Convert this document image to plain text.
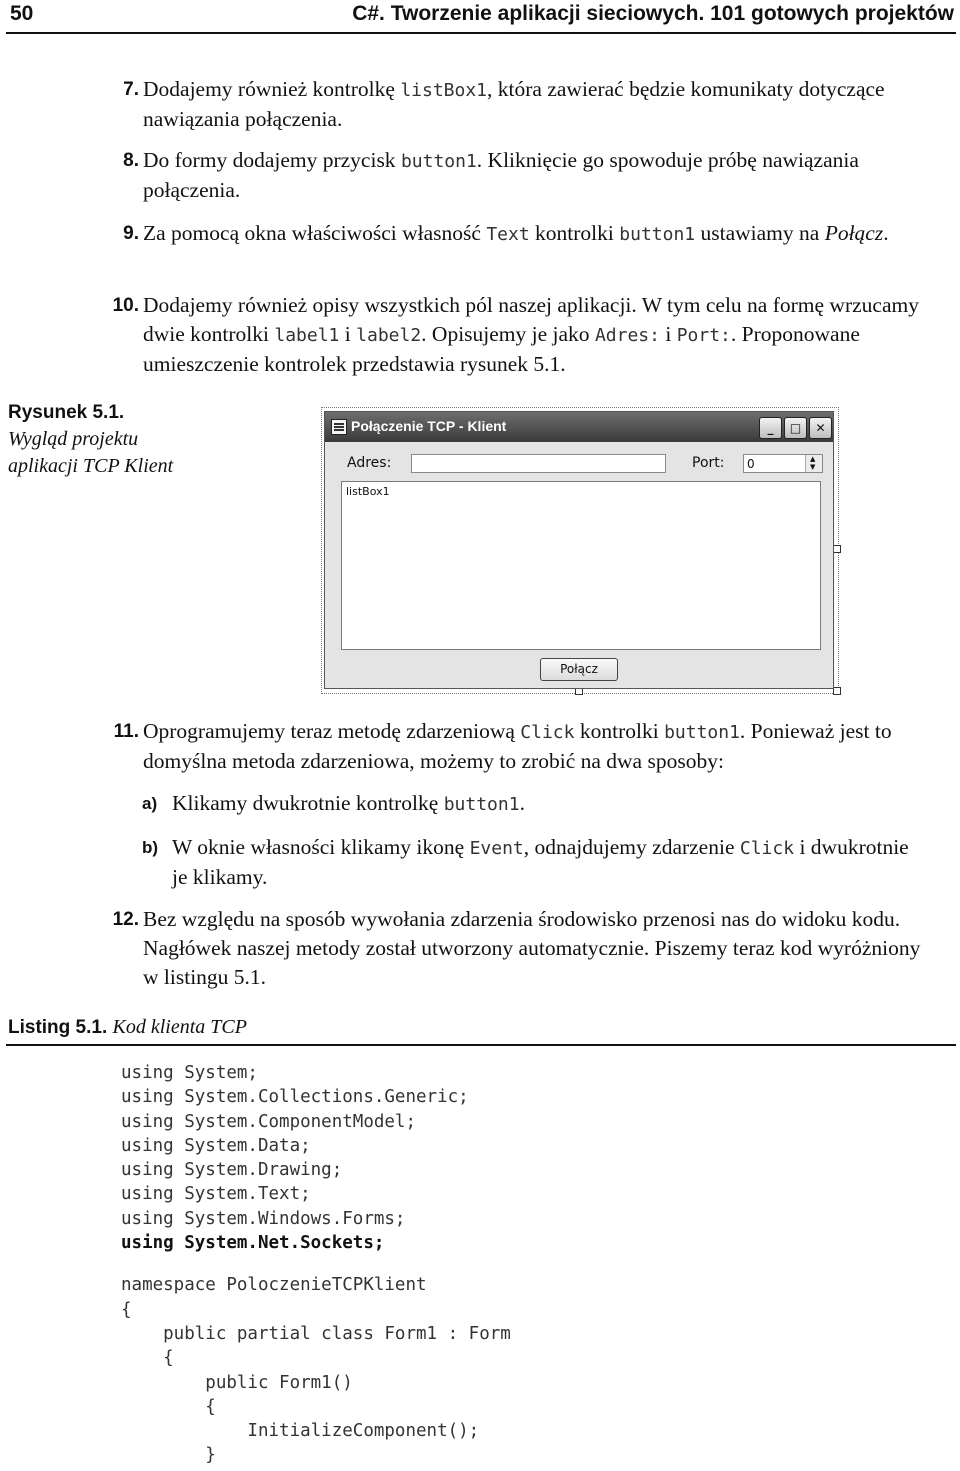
50	C#. Tworzenie aplikacji sieciowych. 101 gotowych projektów
7. Dodajemy również kontrolkę listBox1, która zawierać będzie komunikaty dotyczące nawiązania połączenia.
8. Do formy dodajemy przycisk button1. Kliknięcie go spowoduje próbę nawiązania połączenia.
9. Za pomocą okna właściwości własność Text kontrolki button1 ustawiamy na Połącz.
10. Dodajemy również opisy wszystkich pól naszej aplikacji. W tym celu na formę wrzucamy dwie kontrolki label1 i label2. Opisujemy je jako Adres: i Port:. Proponowane umieszczenie kontrolek przedstawia rysunek 5.1.
Rysunek 5.1.
Wygląd projektu
aplikacji TCP Klient
Połączenie TCP - Klient	_	□	✕
Adres:	Port:	0	▲
▼
listBox1
Połącz
11. Oprogramujemy teraz metodę zdarzeniową Click kontrolki button1. Ponieważ jest to domyślna metoda zdarzeniowa, możemy to zrobić na dwa sposoby:
a) Klikamy dwukrotnie kontrolkę button1.
b) W oknie własności klikamy ikonę Event, odnajdujemy zdarzenie Click i dwukrotnie je klikamy.
12. Bez względu na sposób wywołania zdarzenia środowisko przenosi nas do widoku kodu. Nagłówek naszej metody został utworzony automatycznie. Piszemy teraz kod wyróżniony w listingu 5.1.
Listing 5.1. Kod klienta TCP
using System;
using System.Collections.Generic;
using System.ComponentModel;
using System.Data;
using System.Drawing;
using System.Text;
using System.Windows.Forms;
using System.Net.Sockets;
namespace PoloczenieTCPKlient
{
public partial class Form1 : Form
{
public Form1()
{
InitializeComponent();
}
